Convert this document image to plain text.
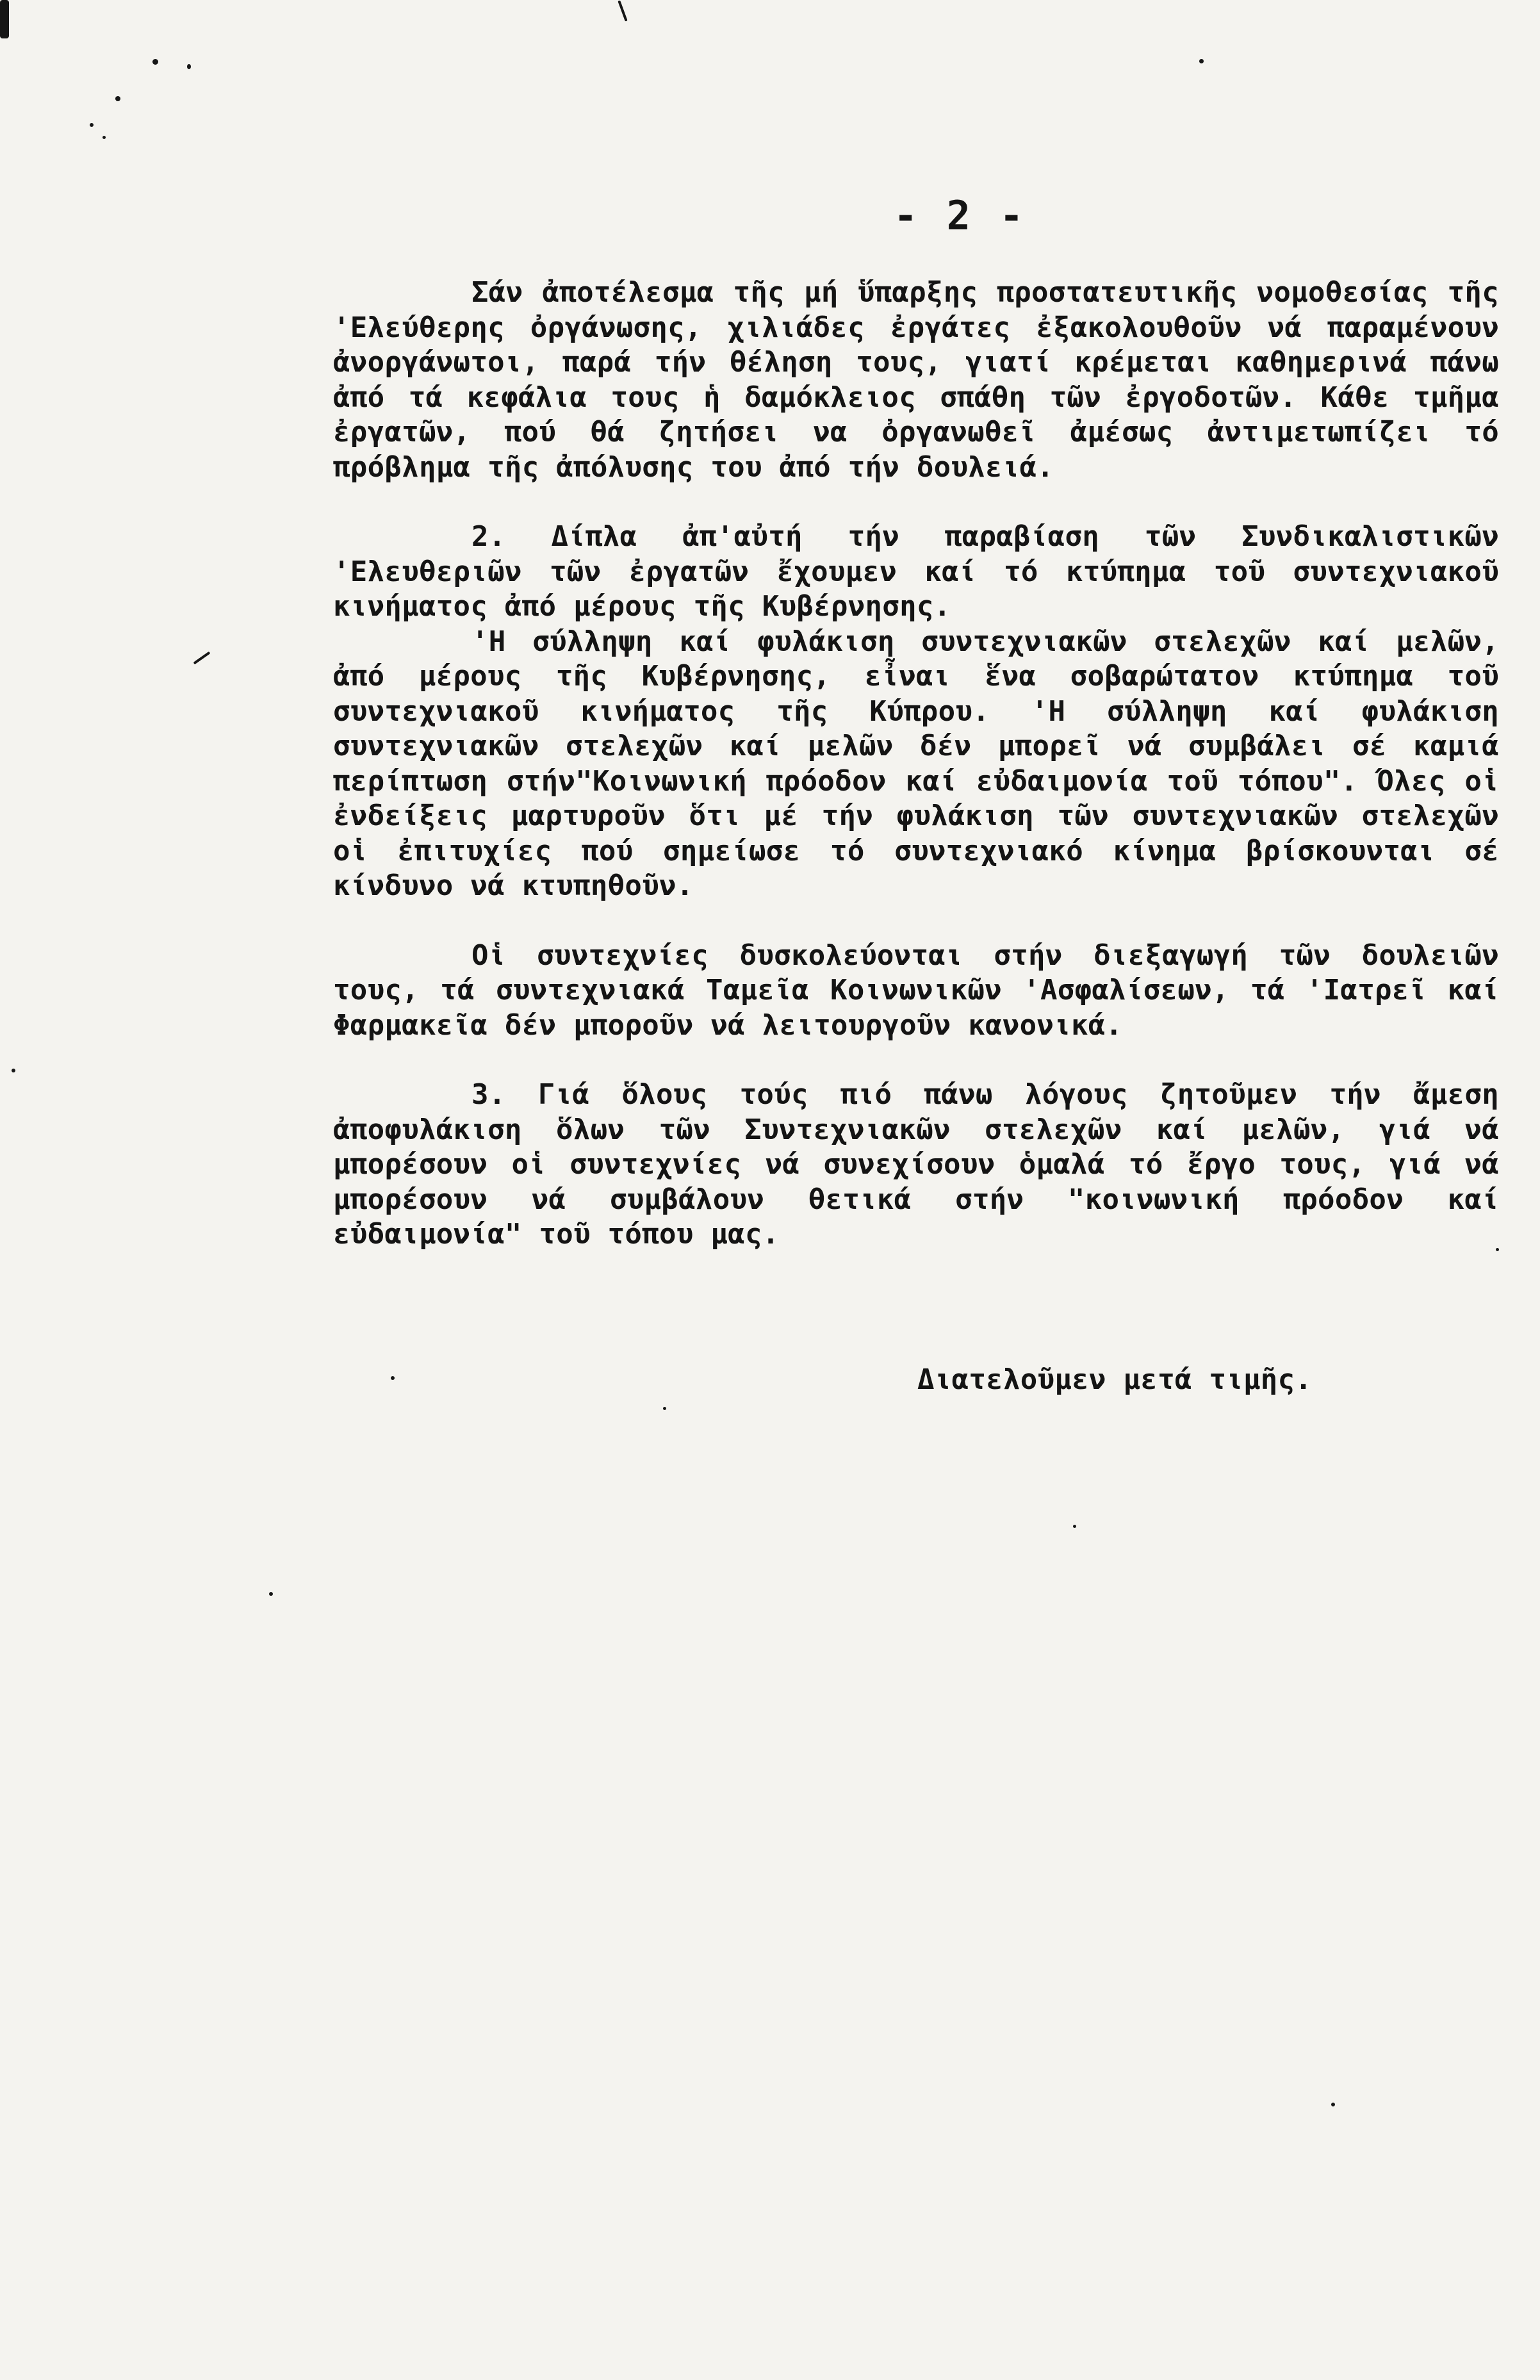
- 2 -

Σάν ἀποτέλεσμα τῆς μή ὕπαρξης προστατευτικῆς νομοθεσίας τῆς 'Ελεύθερης ὀργάνωσης, χιλιάδες ἐργάτες ἐξακολουθοῦν νά παραμένουν ἀνοργάνωτοι, παρά τήν θέληση τους, γιατί κρέμεται καθημερινά πάνω ἀπό τά κεφάλια τους ἡ δαμόκλειος σπάθη τῶν ἐργοδοτῶν. Κάθε τμῆμα ἐργατῶν, πού θά ζητήσει να ὀργανωθεῖ ἀμέσως ἀντιμετωπίζει τό πρόβλημα τῆς ἀπόλυσης του ἀπό τήν δουλειά.

2. Δίπλα ἀπ'αὐτή τήν παραβίαση τῶν Συνδικαλιστικῶν 'Ελευθεριῶν τῶν ἐργατῶν ἔχουμεν καί τό κτύπημα τοῦ συντεχνιακοῦ κινήματος ἀπό μέρους τῆς Κυβέρνησης.

'Η σύλληψη καί φυλάκιση συντεχνιακῶν στελεχῶν καί μελῶν, ἀπό μέρους τῆς Κυβέρνησης, εἶναι ἕνα σοβαρώτατον κτύπημα τοῦ συντεχνιακοῦ κινήματος τῆς Κύπρου. 'Η σύλληψη καί φυλάκιση συντεχνιακῶν στελεχῶν καί μελῶν δέν μπορεῖ νά συμβάλει σέ καμιά περίπτωση στήν"Κοινωνική πρόοδον καί εὐδαιμονία τοῦ τόπου". Όλες οἱ ἐνδείξεις μαρτυροῦν ὅτι μέ τήν φυλάκιση τῶν συντεχνιακῶν στελεχῶν οἱ ἐπιτυχίες πού σημείωσε τό συντεχνιακό κίνημα βρίσκουνται σέ κίνδυνο νά κτυπηθοῦν.

Οἱ συντεχνίες δυσκολεύονται στήν διεξαγωγή τῶν δουλειῶν τους, τά συντεχνιακά Ταμεῖα Κοινωνικῶν 'Ασφαλίσεων, τά 'Ιατρεῖ καί Φαρμακεῖα δέν μποροῦν νά λειτουργοῦν κανονικά.

3. Γιά ὅλους τούς πιό πάνω λόγους ζητοῦμεν τήν ἄμεση ἀποφυλάκιση ὅλων τῶν Συντεχνιακῶν στελεχῶν καί μελῶν, γιά νά μπορέσουν οἱ συντεχνίες νά συνεχίσουν ὁμαλά τό ἔργο τους, γιά νά μπορέσουν νά συμβάλουν θετικά στήν "κοινωνική πρόοδον καί εὐδαιμονία" τοῦ τόπου μας.

Διατελοῦμεν μετά τιμῆς.
